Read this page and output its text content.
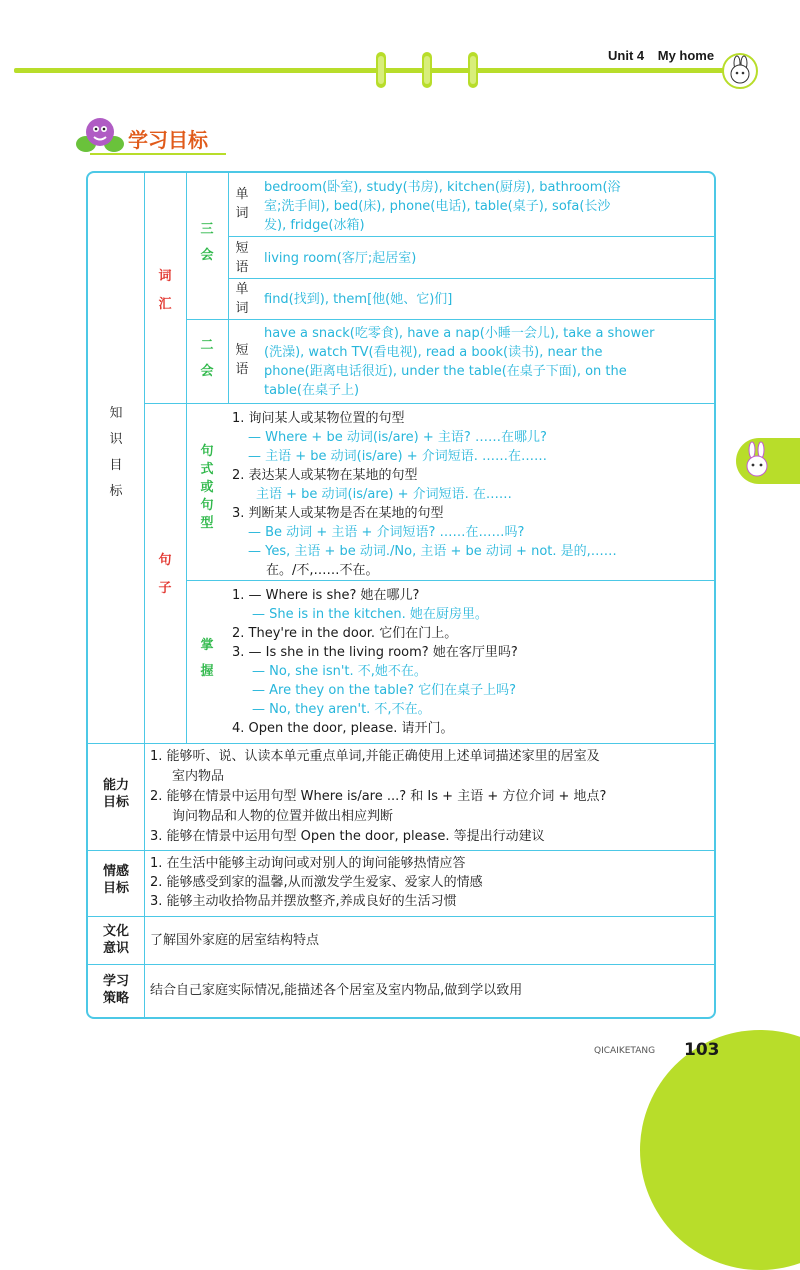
Unit 4 My home
学习目标
知识目标
词汇
句子
三会
二会
句式或句型
掌握
单词
短语
单词
短语
bedroom(卧室), study(书房), kitchen(厨房), bathroom(浴
室;洗手间), bed(床), phone(电话), table(桌子), sofa(长沙
发), fridge(冰箱)
living room(客厅;起居室)
find(找到), them[他(她、它)们]
have a snack(吃零食), have a nap(小睡一会儿), take a shower
(洗澡), watch TV(看电视), read a book(读书), near the
phone(距离电话很近), under the table(在桌子下面), on the
table(在桌子上)
1. 询问某人或某物位置的句型
— Where + be 动词(is/are) + 主语? ……在哪儿?
— 主语 + be 动词(is/are) + 介词短语. ……在……
2. 表达某人或某物在某地的句型
主语 + be 动词(is/are) + 介词短语. 在……
3. 判断某人或某物是否在某地的句型
— Be 动词 + 主语 + 介词短语? ……在……吗?
— Yes, 主语 + be 动词./No, 主语 + be 动词 + not. 是的,……
在。/不,……不在。
1. — Where is she? 她在哪儿?
— She is in the kitchen. 她在厨房里。
2. They're in the door. 它们在门上。
3. — Is she in the living room? 她在客厅里吗?
— No, she isn't. 不,她不在。
— Are they on the table? 它们在桌子上吗?
— No, they aren't. 不,不在。
4. Open the door, please. 请开门。
能力目标
1. 能够听、说、认读本单元重点单词,并能正确使用上述单词描述家里的居室及
室内物品
2. 能够在情景中运用句型 Where is/are ...? 和 Is + 主语 + 方位介词 + 地点?
询问物品和人物的位置并做出相应判断
3. 能够在情景中运用句型 Open the door, please. 等提出行动建议
情感目标
1. 在生活中能够主动询问或对别人的询问能够热情应答
2. 能够感受到家的温馨,从而激发学生爱家、爱家人的情感
3. 能够主动收拾物品并摆放整齐,养成良好的生活习惯
文化意识
了解国外家庭的居室结构特点
学习策略
结合自己家庭实际情况,能描述各个居室及室内物品,做到学以致用
QICAIKETANG 103
